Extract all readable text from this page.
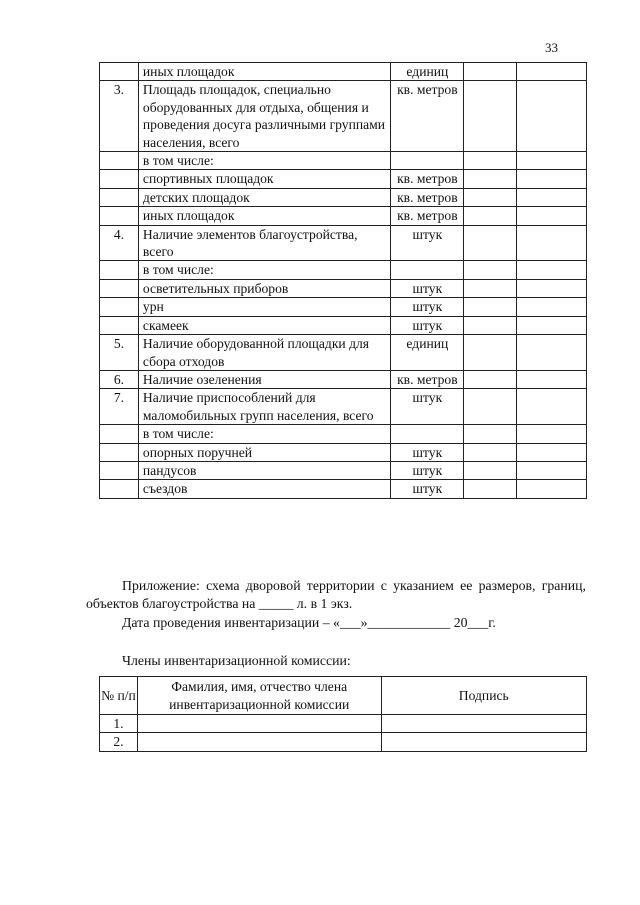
33
	иных площадок	единиц		
3.	Площадь площадок, специально оборудованных для отдыха, общения и проведения досуга различными группами населения, всего	кв. метров		
	в том числе:			
	спортивных площадок	кв. метров		
	детских площадок	кв. метров		
	иных площадок	кв. метров		
4.	Наличие элементов благоустройства, всего	штук		
	в том числе:			
	осветительных приборов	штук		
	урн	штук		
	скамеек	штук		
5.	Наличие оборудованной площадки для сбора отходов	единиц		
6.	Наличие озеленения	кв. метров		
7.	Наличие приспособлений для маломобильных групп населения, всего	штук		
	в том числе:			
	опорных поручней	штук		
	пандусов	штук		
	съездов	штук		
Приложение: схема дворовой территории с указанием ее размеров, границ, объектов благоустройства на _____ л. в 1 экз.
Дата проведения инвентаризации – «___»____________ 20___г.
Члены инвентаризационной комиссии:
№ п/п	Фамилия, имя, отчество члена инвентаризационной комиссии	Подпись
1.		
2.		
